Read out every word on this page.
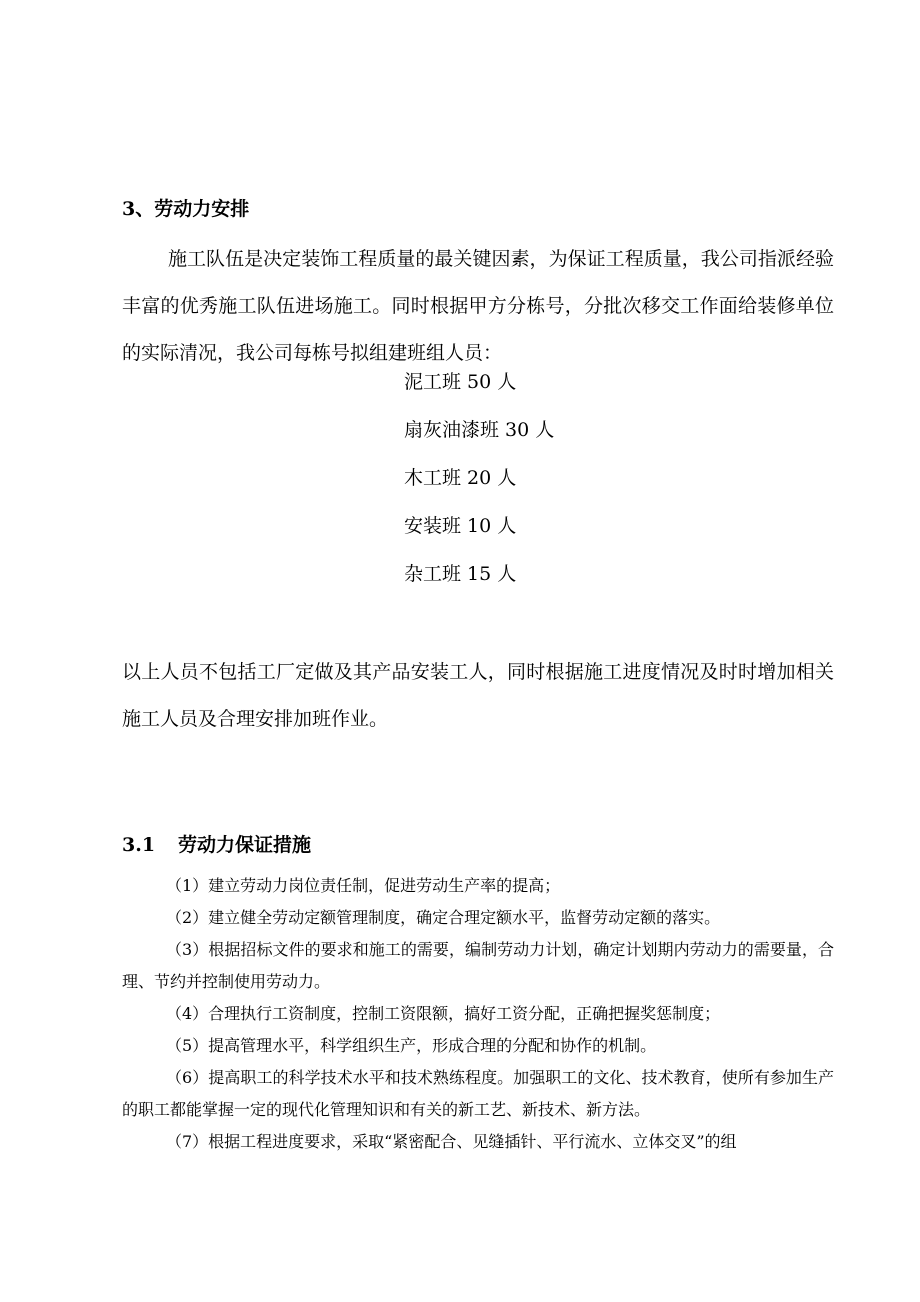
3、劳动力安排

施工队伍是决定装饰工程质量的最关键因素，为保证工程质量，我公司指派经验丰富的优秀施工队伍进场施工。同时根据甲方分栋号，分批次移交工作面给装修单位的实际清况，我公司每栋号拟组建班组人员：

泥工班 50 人
扇灰油漆班 30 人
木工班 20 人
安装班 10 人
杂工班 15 人

以上人员不包括工厂定做及其产品安装工人，同时根据施工进度情况及时时增加相关施工人员及合理安排加班作业。

3.1 劳动力保证措施
（1）建立劳动力岗位责任制，促进劳动生产率的提高；
（2）建立健全劳动定额管理制度，确定合理定额水平，监督劳动定额的落实。
（3）根据招标文件的要求和施工的需要，编制劳动力计划，确定计划期内劳动力的需要量，合理、节约并控制使用劳动力。
（4）合理执行工资制度，控制工资限额，搞好工资分配，正确把握奖惩制度；
（5）提高管理水平，科学组织生产，形成合理的分配和协作的机制。
（6）提高职工的科学技术水平和技术熟练程度。加强职工的文化、技术教育，使所有参加生产的职工都能掌握一定的现代化管理知识和有关的新工艺、新技术、新方法。
（7）根据工程进度要求，采取“紧密配合、见缝插针、平行流水、立体交叉”的组
